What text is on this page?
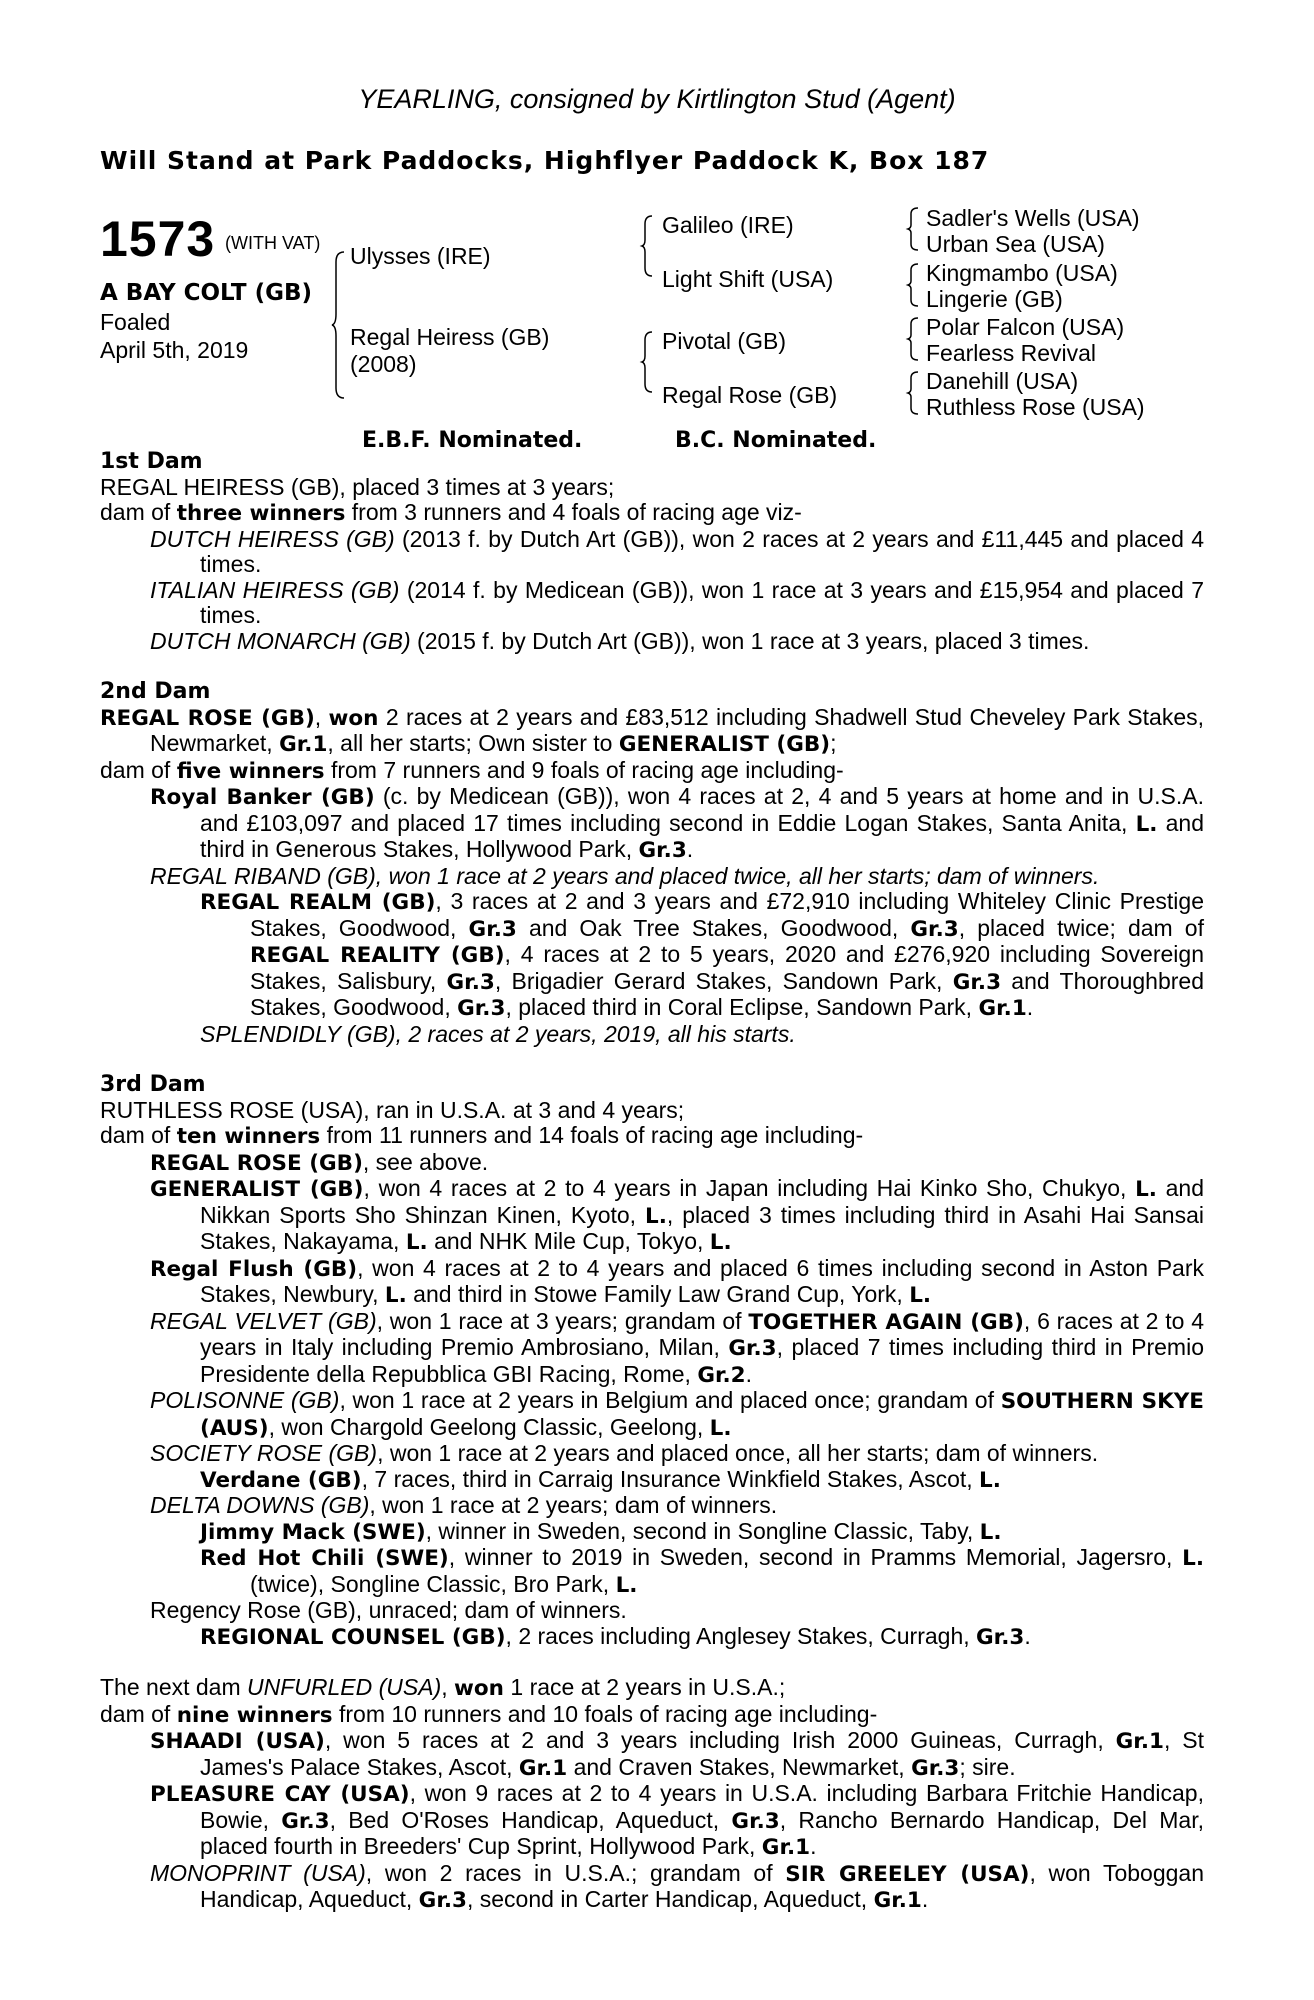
YEARLING, consigned by Kirtlington Stud (Agent)
Will Stand at Park Paddocks, Highflyer Paddock K, Box 187
1573 (WITH VAT)
A BAY COLT (GB)
Foaled
April 5th, 2019
Ulysses (IRE)
Regal Heiress (GB)
(2008)
Galileo (IRE)
Light Shift (USA)
Pivotal (GB)
Regal Rose (GB)
Sadler's Wells (USA)
Urban Sea (USA)
Kingmambo (USA)
Lingerie (GB)
Polar Falcon (USA)
Fearless Revival
Danehill (USA)
Ruthless Rose (USA)
E.B.F. Nominated.	B.C. Nominated.
1st Dam
REGAL HEIRESS (GB), placed 3 times at 3 years;
dam of three winners from 3 runners and 4 foals of racing age viz-
DUTCH HEIRESS (GB) (2013 f. by Dutch Art (GB)), won 2 races at 2 years and £11,445 and placed 4 times.
ITALIAN HEIRESS (GB) (2014 f. by Medicean (GB)), won 1 race at 3 years and £15,954 and placed 7 times.
DUTCH MONARCH (GB) (2015 f. by Dutch Art (GB)), won 1 race at 3 years, placed 3 times.
2nd Dam
REGAL ROSE (GB), won 2 races at 2 years and £83,512 including Shadwell Stud Cheveley Park Stakes, Newmarket, Gr.1, all her starts; Own sister to GENERALIST (GB);
dam of five winners from 7 runners and 9 foals of racing age including-
Royal Banker (GB) (c. by Medicean (GB)), won 4 races at 2, 4 and 5 years at home and in U.S.A. and £103,097 and placed 17 times including second in Eddie Logan Stakes, Santa Anita, L. and third in Generous Stakes, Hollywood Park, Gr.3.
REGAL RIBAND (GB), won 1 race at 2 years and placed twice, all her starts; dam of winners.
REGAL REALM (GB), 3 races at 2 and 3 years and £72,910 including Whiteley Clinic Prestige Stakes, Goodwood, Gr.3 and Oak Tree Stakes, Goodwood, Gr.3, placed twice; dam of REGAL REALITY (GB), 4 races at 2 to 5 years, 2020 and £276,920 including Sovereign Stakes, Salisbury, Gr.3, Brigadier Gerard Stakes, Sandown Park, Gr.3 and Thoroughbred Stakes, Goodwood, Gr.3, placed third in Coral Eclipse, Sandown Park, Gr.1.
SPLENDIDLY (GB), 2 races at 2 years, 2019, all his starts.
3rd Dam
RUTHLESS ROSE (USA), ran in U.S.A. at 3 and 4 years;
dam of ten winners from 11 runners and 14 foals of racing age including-
REGAL ROSE (GB), see above.
GENERALIST (GB), won 4 races at 2 to 4 years in Japan including Hai Kinko Sho, Chukyo, L. and Nikkan Sports Sho Shinzan Kinen, Kyoto, L., placed 3 times including third in Asahi Hai Sansai Stakes, Nakayama, L. and NHK Mile Cup, Tokyo, L.
Regal Flush (GB), won 4 races at 2 to 4 years and placed 6 times including second in Aston Park Stakes, Newbury, L. and third in Stowe Family Law Grand Cup, York, L.
REGAL VELVET (GB), won 1 race at 3 years; grandam of TOGETHER AGAIN (GB), 6 races at 2 to 4 years in Italy including Premio Ambrosiano, Milan, Gr.3, placed 7 times including third in Premio Presidente della Repubblica GBI Racing, Rome, Gr.2.
POLISONNE (GB), won 1 race at 2 years in Belgium and placed once; grandam of SOUTHERN SKYE (AUS), won Chargold Geelong Classic, Geelong, L.
SOCIETY ROSE (GB), won 1 race at 2 years and placed once, all her starts; dam of winners.
Verdane (GB), 7 races, third in Carraig Insurance Winkfield Stakes, Ascot, L.
DELTA DOWNS (GB), won 1 race at 2 years; dam of winners.
Jimmy Mack (SWE), winner in Sweden, second in Songline Classic, Taby, L.
Red Hot Chili (SWE), winner to 2019 in Sweden, second in Pramms Memorial, Jagersro, L. (twice), Songline Classic, Bro Park, L.
Regency Rose (GB), unraced; dam of winners.
REGIONAL COUNSEL (GB), 2 races including Anglesey Stakes, Curragh, Gr.3.
The next dam UNFURLED (USA), won 1 race at 2 years in U.S.A.;
dam of nine winners from 10 runners and 10 foals of racing age including-
SHAADI (USA), won 5 races at 2 and 3 years including Irish 2000 Guineas, Curragh, Gr.1, St James's Palace Stakes, Ascot, Gr.1 and Craven Stakes, Newmarket, Gr.3; sire.
PLEASURE CAY (USA), won 9 races at 2 to 4 years in U.S.A. including Barbara Fritchie Handicap, Bowie, Gr.3, Bed O'Roses Handicap, Aqueduct, Gr.3, Rancho Bernardo Handicap, Del Mar, placed fourth in Breeders' Cup Sprint, Hollywood Park, Gr.1.
MONOPRINT (USA), won 2 races in U.S.A.; grandam of SIR GREELEY (USA), won Toboggan Handicap, Aqueduct, Gr.3, second in Carter Handicap, Aqueduct, Gr.1.
